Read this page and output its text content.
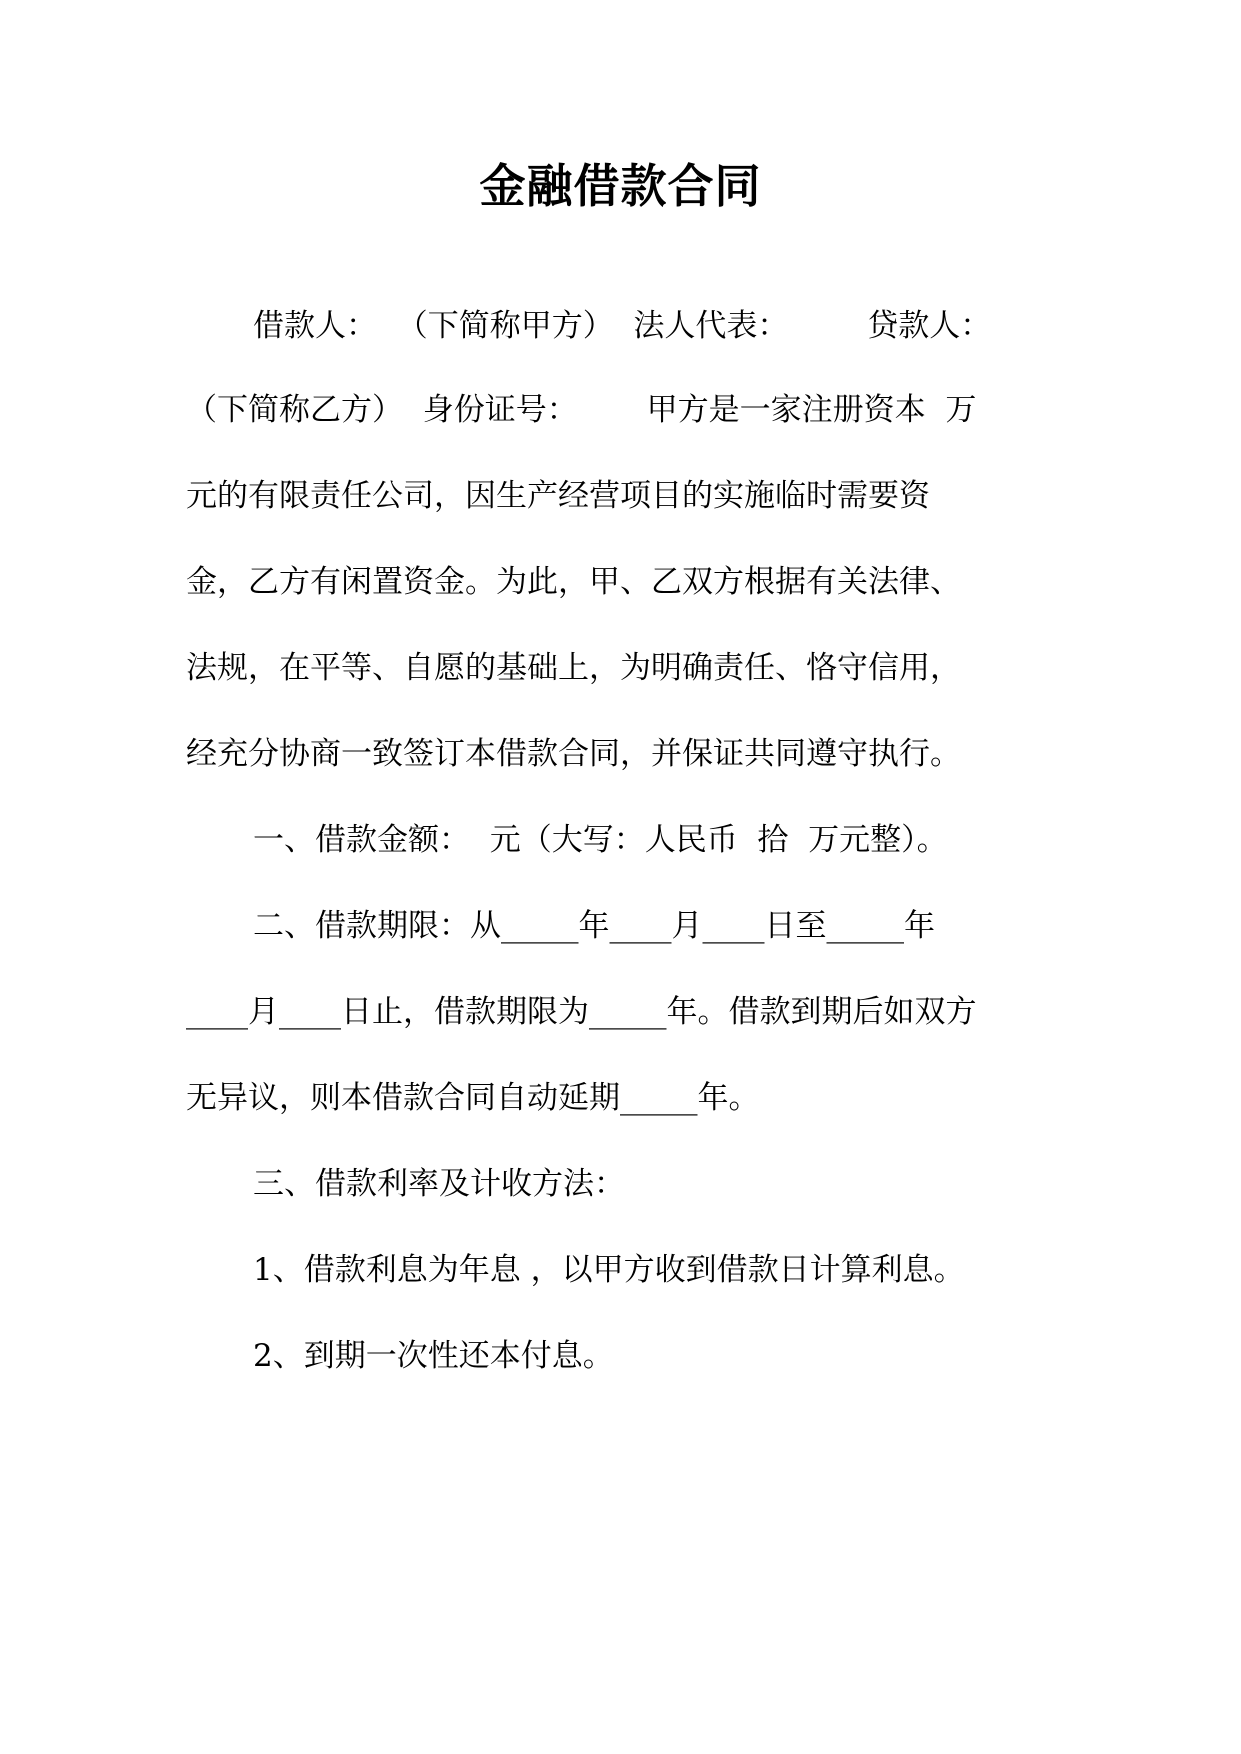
金融借款合同
借款人：  （下简称甲方）  法人代表：        贷款人：
（下简称乙方）  身份证号：       甲方是一家注册资本  万
元的有限责任公司，因生产经营项目的实施临时需要资
金，乙方有闲置资金。为此，甲、乙双方根据有关法律、
法规，在平等、自愿的基础上，为明确责任、恪守信用，
经充分协商一致签订本借款合同，并保证共同遵守执行。
一、借款金额：  元（大写：人民币  拾  万元整）。
二、借款期限：从_____年____月____日至_____年
____月____日止，借款期限为_____年。借款到期后如双方
无异议，则本借款合同自动延期_____年。
三、借款利率及计收方法：
1、借款利息为年息 ，以甲方收到借款日计算利息。
2、到期一次性还本付息。
